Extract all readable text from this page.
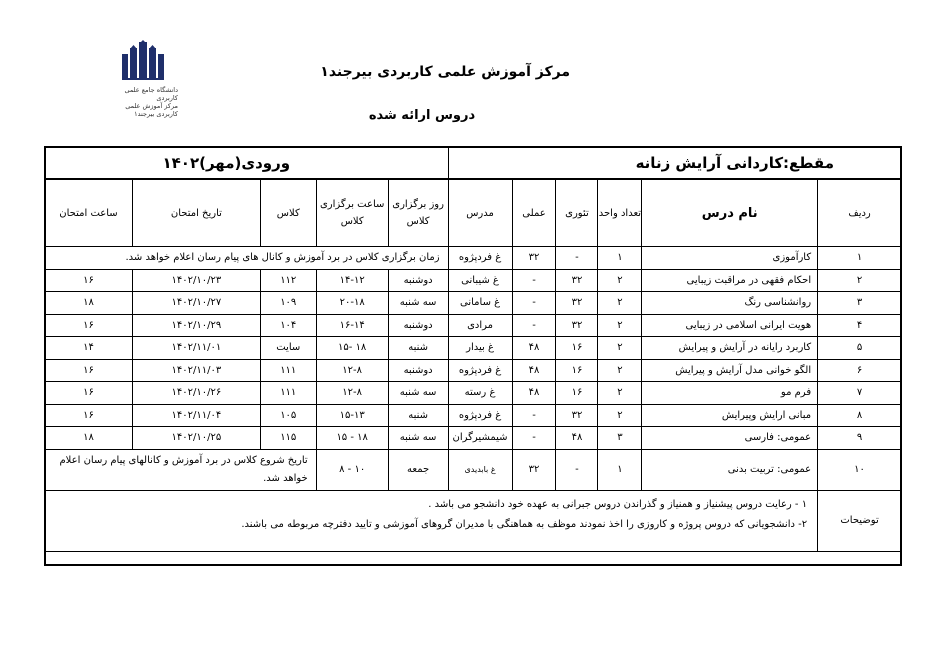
دانشگاه جامع علمی کاربردی
مرکز آموزش علمی کاربردی بیرجند۱
مرکز آموزش علمی کاربردی بیرجند۱
دروس ارائه شده
مقطع:کاردانی آرایش زنانه						ورودی(مهر)۱۴۰۲				
ردیف	نام درس	تعداد واحد	تئوری	عملی	مدرس	روز برگزاری کلاس	ساعت برگزاری کلاس	کلاس	تاریخ امتحان	ساعت امتحان
۱	کارآموزی	۱	-	۳۲	غ فردپژوه	زمان برگزاری کلاس در برد آموزش و کانال های پیام رسان اعلام خواهد شد.				
۲	احکام فقهی در مراقبت زیبایی	۲	۳۲	-	غ شیبانی	دوشنبه	۱۴-۱۲	۱۱۲	۱۴۰۲/۱۰/۲۳	۱۶
۳	روانشناسی رنگ	۲	۳۲	-	غ سامانی	سه شنبه	۲۰-۱۸	۱۰۹	۱۴۰۲/۱۰/۲۷	۱۸
۴	هویت ایرانی اسلامی در زیبایی	۲	۳۲	-	مرادی	دوشنبه	۱۶-۱۴	۱۰۴	۱۴۰۲/۱۰/۲۹	۱۶
۵	کاربرد رایانه در آرایش و پیرایش	۲	۱۶	۴۸	غ بیدار	شنبه	۱۸ -۱۵	سایت	۱۴۰۲/۱۱/۰۱	۱۴
۶	الگو خوانی مدل آرایش و پیرایش	۲	۱۶	۴۸	غ فردپژوه	دوشنبه	۱۲-۸	۱۱۱	۱۴۰۲/۱۱/۰۳	۱۶
۷	فرم مو	۲	۱۶	۴۸	غ رسته	سه شنبه	۱۲-۸	۱۱۱	۱۴۰۲/۱۰/۲۶	۱۶
۸	مبانی ارایش وپیرایش	۲	۳۲	-	غ فردپژوه	شنبه	۱۵-۱۳	۱۰۵	۱۴۰۲/۱۱/۰۴	۱۶
۹	عمومی: فارسی	۳	۴۸	-	شیمشیرگران	سه شنبه	۱۸ - ۱۵	۱۱۵	۱۴۰۲/۱۰/۲۵	۱۸
۱۰	عمومی: تربیت بدنی	۱	-	۳۲	غ بابدیدی	جمعه	۱۰ - ۸	تاریخ شروع کلاس در برد آموزش و کانالهای پیام رسان اعلام خواهد شد.		
توضیحات	۱ - رعایت دروس پیشنیاز و همنیاز و گذراندن دروس جبرانی به عهده خود دانشجو می باشد .
۲- دانشجویانی که دروس پروژه و کاروزی را اخذ نمودند موظف به هماهنگی با مدیران گروهای آموزشی و تایید دفترچه مربوطه می باشند.									
